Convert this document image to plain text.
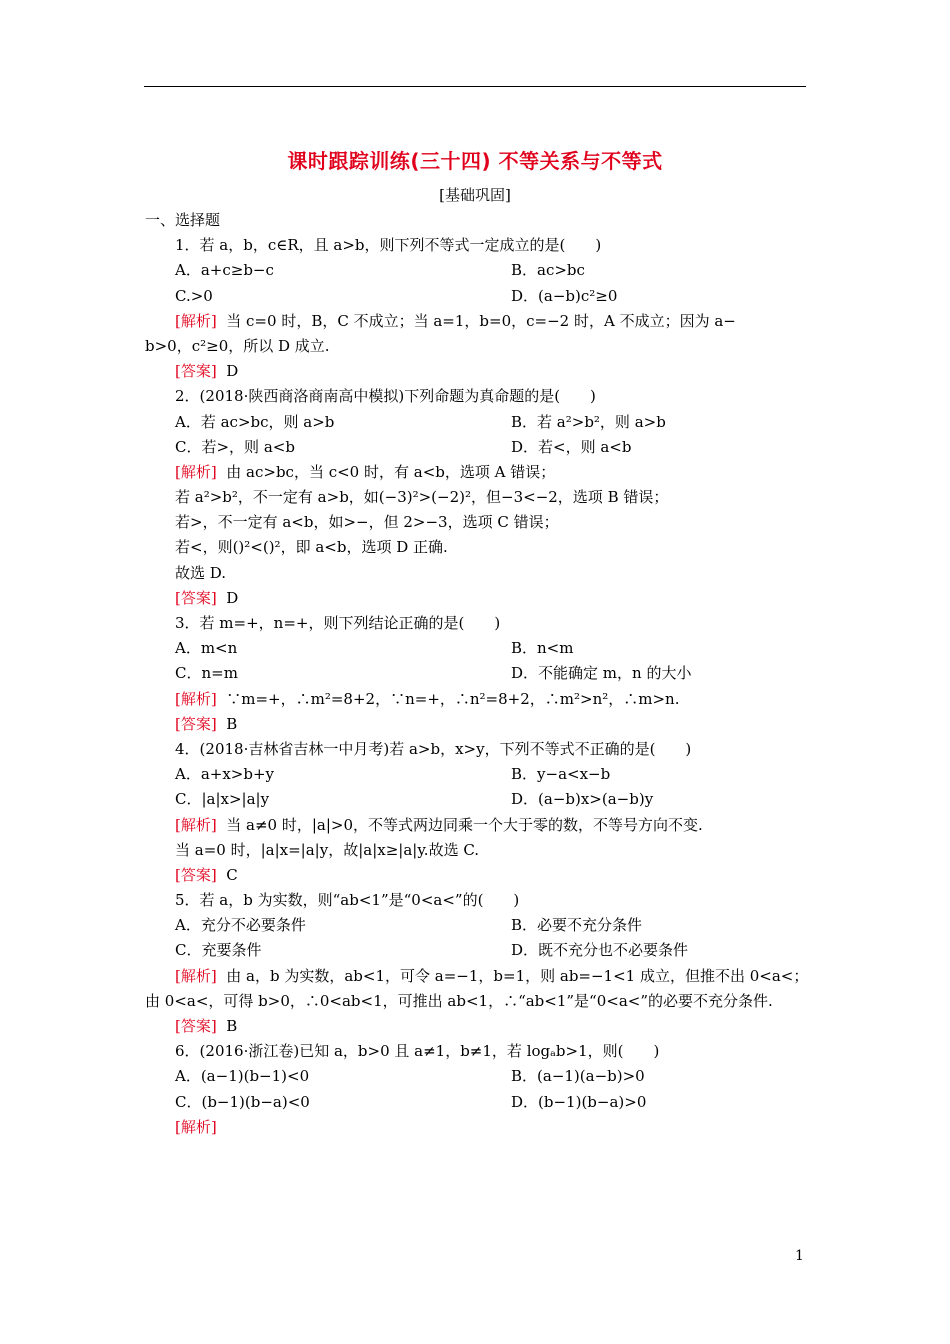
课时跟踪训练(三十四) 不等关系与不等式
[基础巩固]
一、选择题
1．若 a，b，c∈R，且 a>b，则下列不等式一定成立的是(　　)
A．a+c≥b−c	B．ac>bc
C.>0	D．(a−b)c²≥0
[解析] 当 c=0 时，B，C 不成立；当 a=1，b=0，c=−2 时，A 不成立；因为 a−
b>0，c²≥0，所以 D 成立.
[答案] D
2．(2018·陕西商洛商南高中模拟)下列命题为真命题的是(　　)
A．若 ac>bc，则 a>b	B．若 a²>b²，则 a>b
C．若>，则 a<b	D．若<，则 a<b
[解析] 由 ac>bc，当 c<0 时，有 a<b，选项 A 错误；
若 a²>b²，不一定有 a>b，如(−3)²>(−2)²，但−3<−2，选项 B 错误；
若>，不一定有 a<b，如>−，但 2>−3，选项 C 错误；
若<，则()²<()²，即 a<b，选项 D 正确.
故选 D.
[答案] D
3．若 m=+，n=+，则下列结论正确的是(　　)
A．m<n	B．n<m
C．n=m	D．不能确定 m，n 的大小
[解析] ∵m=+，∴m²=8+2，∵n=+，∴n²=8+2，∴m²>n²，∴m>n.
[答案] B
4．(2018·吉林省吉林一中月考)若 a>b，x>y，下列不等式不正确的是(　　)
A．a+x>b+y	B．y−a<x−b
C．|a|x>|a|y	D．(a−b)x>(a−b)y
[解析] 当 a≠0 时，|a|>0，不等式两边同乘一个大于零的数，不等号方向不变.
当 a=0 时，|a|x=|a|y，故|a|x≥|a|y.故选 C.
[答案] C
5．若 a，b 为实数，则“ab<1”是“0<a<”的(　　)
A．充分不必要条件	B．必要不充分条件
C．充要条件	D．既不充分也不必要条件
[解析] 由 a，b 为实数，ab<1，可令 a=−1，b=1，则 ab=−1<1 成立，但推不出 0<a<；
由 0<a<，可得 b>0，∴0<ab<1，可推出 ab<1，∴“ab<1”是“0<a<”的必要不充分条件.
[答案] B
6．(2016·浙江卷)已知 a，b>0 且 a≠1，b≠1，若 logₐb>1，则(　　)
A．(a−1)(b−1)<0	B．(a−1)(a−b)>0
C．(b−1)(b−a)<0	D．(b−1)(b−a)>0
[解析]
1
